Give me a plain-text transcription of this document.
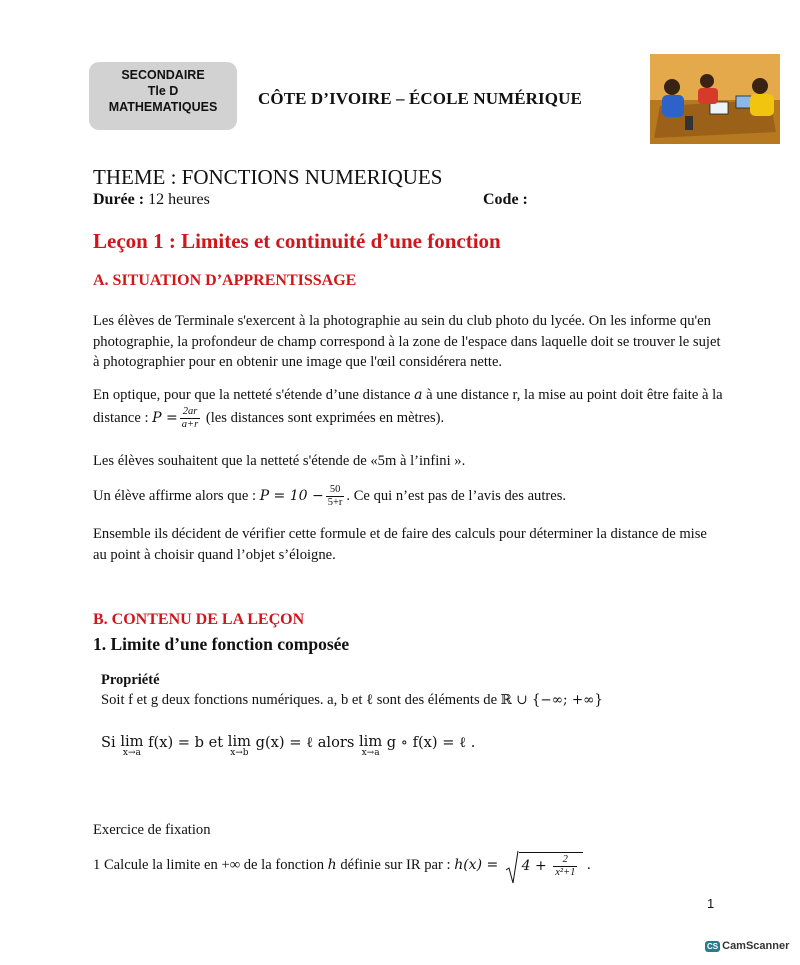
SECONDAIRE
Tle D
MATHEMATIQUES	CÔTE D’IVOIRE – ÉCOLE NUMÉRIQUE
THEME : FONCTIONS NUMERIQUES
Durée : 12 heures	Code :
Leçon 1 : Limites et continuité d’une fonction
A. SITUATION D’APPRENTISSAGE
Les élèves de Terminale s'exercent à la photographie au sein du club photo du lycée. On les informe qu'en photographie, la profondeur de champ correspond à la zone de l'espace dans laquelle doit se trouver le sujet à photographier pour en obtenir une image que l'œil considérera nette.
En optique, pour que la netteté s'étende d’une distance a à une distance r, la mise au point doit être faite à la distance : $P = \frac{2ar}{a+r} (les$ distances sont exprimées en mètres).
Les élèves souhaitent que la netteté s'étende de «5m à l’infini ».
Un élève affirme alors que : $P = 10 - \frac{50}{5+r}$ . Ce qui n’est pas de l’avis des autres.
Ensemble ils décident de vérifier cette formule et de faire des calculs pour déterminer la distance de mise au point à choisir quand l’objet s’éloigne.
B. CONTENU DE LA LEÇON
1. Limite d’une fonction composée
Propriété
Soit f et g deux fonctions numériques. a, b et ℓ sont des éléments de ℝ ∪ {−∞; +∞}
Si lim
x→a
f(x) = b et lim
x→b
g(x) = ℓ alors lim
x→a
g ∘ f(x) = ℓ .
Exercice de fixation
1 Calcule la limite en +∞ de la fonction h définie sur IR par : h(x) =
$4 + \frac{2}{\text{x²+1}}$ .
1
CS CamScanner
